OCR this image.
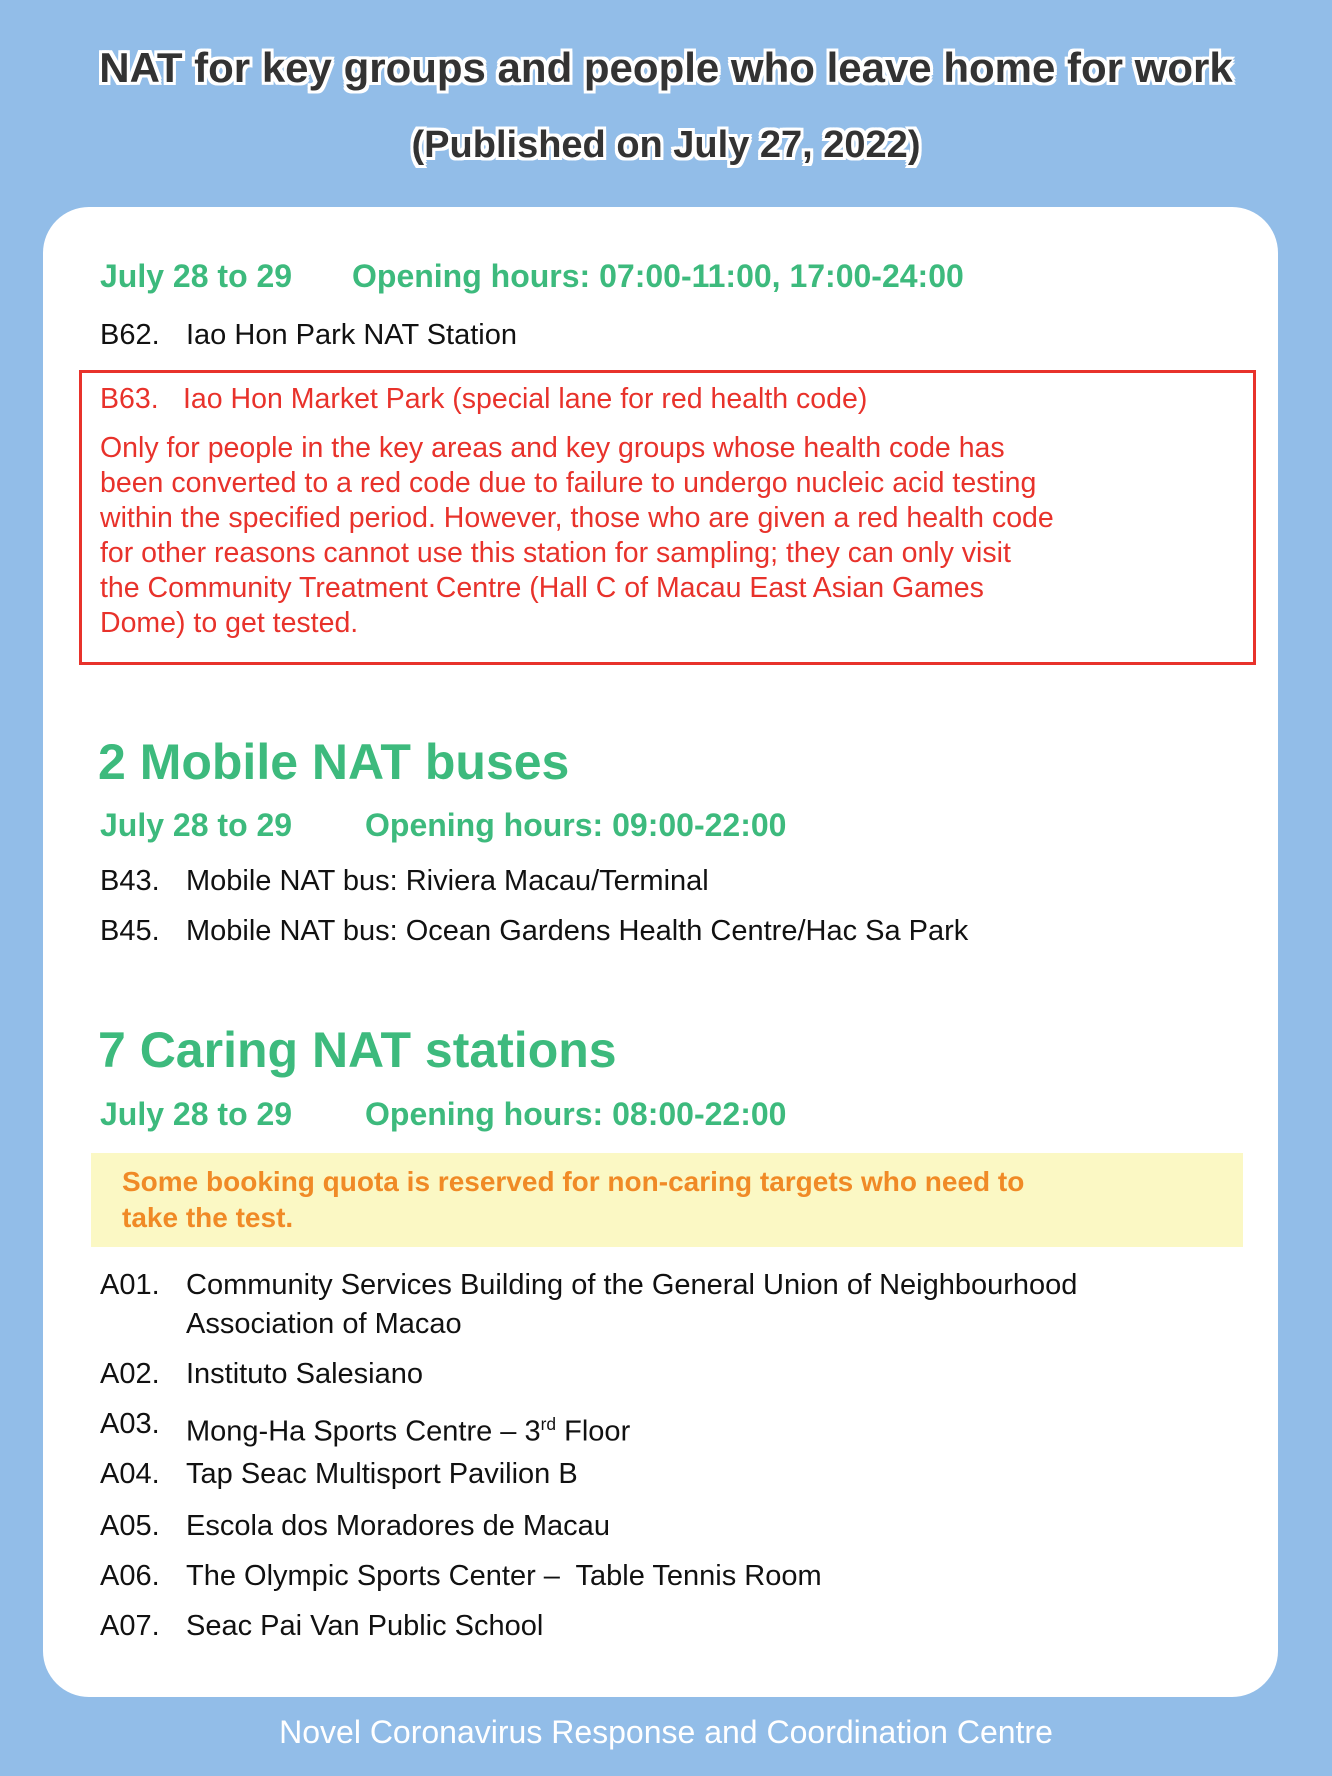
NAT for key groups and people who leave home for work
(Published on July 27, 2022)
July 28 to 29 Opening hours: 07:00-11:00, 17:00-24:00
B62. Iao Hon Park NAT Station
B63. Iao Hon Market Park (special lane for red health code)
Only for people in the key areas and key groups whose health code has
been converted to a red code due to failure to undergo nucleic acid testing
within the specified period. However, those who are given a red health code
for other reasons cannot use this station for sampling; they can only visit
the Community Treatment Centre (Hall C of Macau East Asian Games
Dome) to get tested.
2 Mobile NAT buses
July 28 to 29 Opening hours: 09:00-22:00
B43. Mobile NAT bus: Riviera Macau/Terminal
B45. Mobile NAT bus: Ocean Gardens Health Centre/Hac Sa Park
7 Caring NAT stations
July 28 to 29 Opening hours: 08:00-22:00
Some booking quota is reserved for non-caring targets who need to
take the test.
A01. Community Services Building of the General Union of Neighbourhood
Association of Macao
A02. Instituto Salesiano
A03. Mong-Ha Sports Centre – 3rd Floor
A04. Tap Seac Multisport Pavilion B
A05. Escola dos Moradores de Macau
A06. The Olympic Sports Center –  Table Tennis Room
A07. Seac Pai Van Public School
Novel Coronavirus Response and Coordination Centre
